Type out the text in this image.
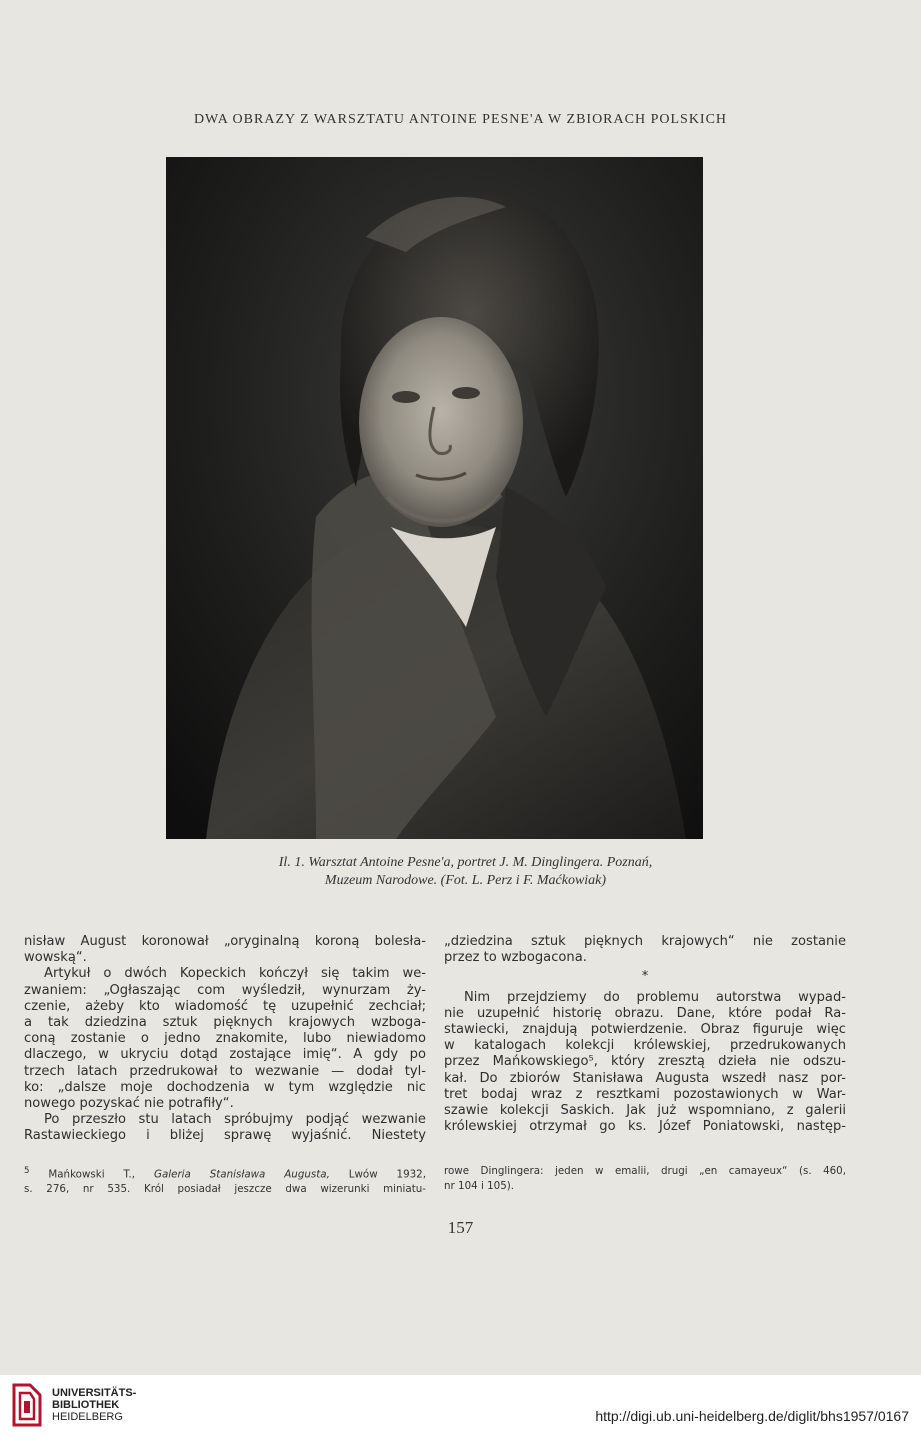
DWA OBRAZY Z WARSZTATU ANTOINE PESNE'A W ZBIORACH POLSKICH
Il. 1. Warsztat Antoine Pesne'a, portret J. M. Dinglingera. Poznań,
Muzeum Narodowe. (Fot. L. Perz i F. Maćkowiak)
nisław August koronował „oryginalną koroną bolesła-
wowską“.
Artykuł o dwóch Kopeckich kończył się takim we-
zwaniem: „Ogłaszając com wyśledził, wynurzam ży-
czenie, ażeby kto wiadomość tę uzupełnić zechciał;
a tak dziedzina sztuk pięknych krajowych wzboga-
coną zostanie o jedno znakomite, lubo niewiadomo
dlaczego, w ukryciu dotąd zostające imię“. A gdy po
trzech latach przedrukował to wezwanie — dodał tyl-
ko: „dalsze moje dochodzenia w tym względzie nic
nowego pozyskać nie potrafiły“.
Po przeszło stu latach spróbujmy podjąć wezwanie
Rastawieckiego i bliżej sprawę wyjaśnić. Niestety
„dziedzina sztuk pięknych krajowych“ nie zostanie
przez to wzbogacona.
*
Nim przejdziemy do problemu autorstwa wypad-
nie uzupełnić historię obrazu. Dane, które podał Ra-
stawiecki, znajdują potwierdzenie. Obraz figuruje więc
w katalogach kolekcji królewskiej, przedrukowanych
przez Mańkowskiego⁵, który zresztą dzieła nie odszu-
kał. Do zbiorów Stanisława Augusta wszedł nasz por-
tret bodaj wraz z resztkami pozostawionych w War-
szawie kolekcji Saskich. Jak już wspomniano, z galerii
królewskiej otrzymał go ks. Józef Poniatowski, następ-
$^5$ Mańkowski T., Galeria Stanisława Augusta, Lwów 1932,
s. 276, nr 535. Król posiadał jeszcze dwa wizerunki miniatu-
rowe Dinglingera: jeden w emalii, drugi „en camayeux“ (s. 460,
nr 104 i 105).
157
UNIVERSITÄTS-
BIBLIOTHEK
HEIDELBERG	http://digi.ub.uni-heidelberg.de/diglit/bhs1957/0167
